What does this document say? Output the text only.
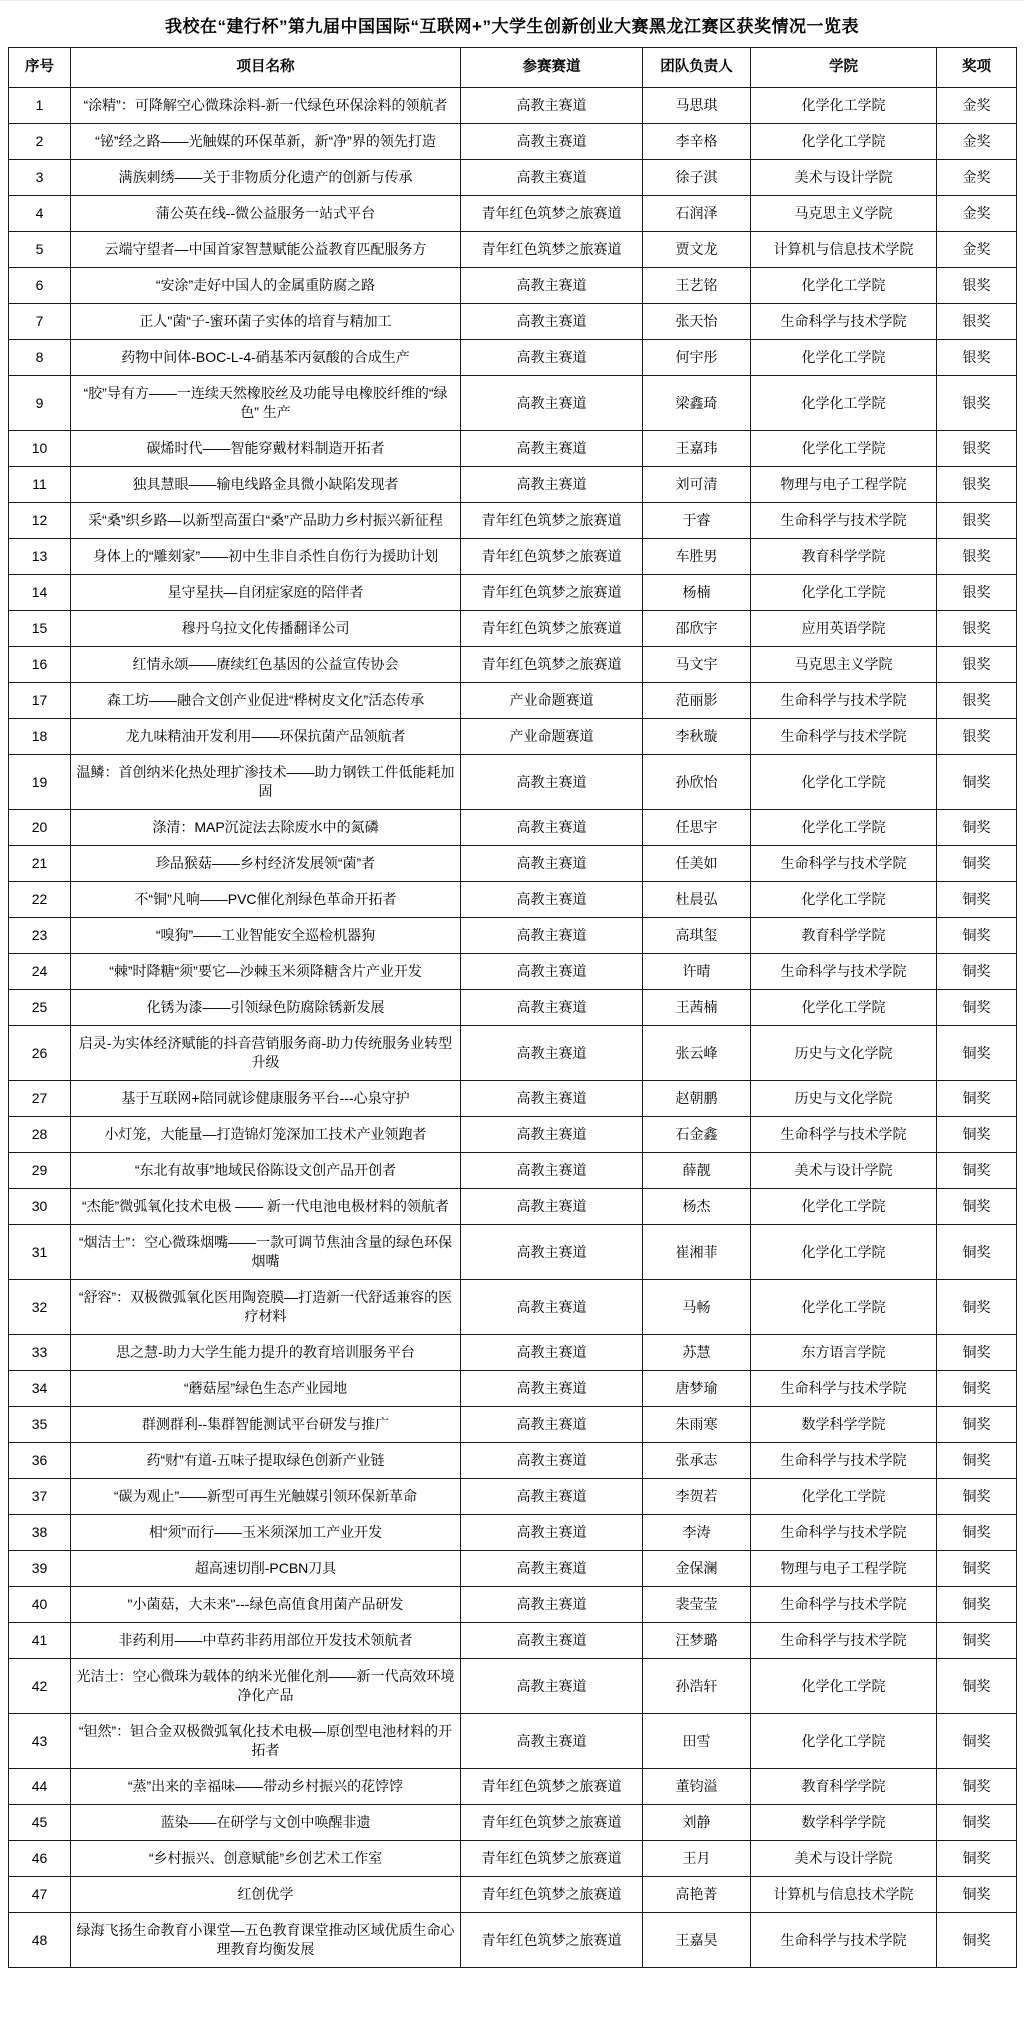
我校在“建行杯”第九届中国国际“互联网+”大学生创新创业大赛黑龙江赛区获奖情况一览表
序号	项目名称	参赛赛道	团队负责人	学院	奖项
1	“涂精”：可降解空心微珠涂料-新一代绿色环保涂料的领航者	高教主赛道	马思琪	化学化工学院	金奖
2	“铋”经之路——光触媒的环保革新，新“净”界的领先打造	高教主赛道	李辛格	化学化工学院	金奖
3	满族刺绣——关于非物质分化遗产的创新与传承	高教主赛道	徐子淇	美术与设计学院	金奖
4	蒲公英在线--微公益服务一站式平台	青年红色筑梦之旅赛道	石润泽	马克思主义学院	金奖
5	云端守望者—中国首家智慧赋能公益教育匹配服务方	青年红色筑梦之旅赛道	贾文龙	计算机与信息技术学院	金奖
6	“安涂”走好中国人的金属重防腐之路	高教主赛道	王艺铭	化学化工学院	银奖
7	正人"菌“子-蜜环菌子实体的培育与精加工	高教主赛道	张天怡	生命科学与技术学院	银奖
8	药物中间体-BOC-L-4-硝基苯丙氨酸的合成生产	高教主赛道	何宇彤	化学化工学院	银奖
9	“胶”导有方——一连续天然橡胶丝及功能导电橡胶纤维的“绿色” 生产	高教主赛道	梁鑫琦	化学化工学院	银奖
10	碳烯时代——智能穿戴材料制造开拓者	高教主赛道	王嘉玮	化学化工学院	银奖
11	独具慧眼——输电线路金具微小缺陷发现者	高教主赛道	刘可清	物理与电子工程学院	银奖
12	采“桑”织乡路—以新型高蛋白“桑”产品助力乡村振兴新征程	青年红色筑梦之旅赛道	于睿	生命科学与技术学院	银奖
13	身体上的“雕刻家”——初中生非自杀性自伤行为援助计划	青年红色筑梦之旅赛道	车胜男	教育科学学院	银奖
14	星守星扶—自闭症家庭的陪伴者	青年红色筑梦之旅赛道	杨楠	化学化工学院	银奖
15	穆丹乌拉文化传播翻译公司	青年红色筑梦之旅赛道	邵欣宇	应用英语学院	银奖
16	红情永颂——赓续红色基因的公益宣传协会	青年红色筑梦之旅赛道	马文宇	马克思主义学院	银奖
17	森工坊——融合文创产业促进“桦树皮文化”活态传承	产业命题赛道	范丽影	生命科学与技术学院	银奖
18	龙九味精油开发利用——环保抗菌产品领航者	产业命题赛道	李秋璇	生命科学与技术学院	银奖
19	温鳞：首创纳米化热处理扩渗技术——助力钢铁工件低能耗加固	高教主赛道	孙欣怡	化学化工学院	铜奖
20	涤清：MAP沉淀法去除废水中的氮磷	高教主赛道	任思宇	化学化工学院	铜奖
21	珍品猴菇——乡村经济发展领“菌”者	高教主赛道	任美如	生命科学与技术学院	铜奖
22	不“铜”凡响——PVC催化剂绿色革命开拓者	高教主赛道	杜晨弘	化学化工学院	铜奖
23	“嗅狗”——工业智能安全巡检机器狗	高教主赛道	高琪玺	教育科学学院	铜奖
24	“棘”时降糖“须”要它—沙棘玉米须降糖含片产业开发	高教主赛道	许晴	生命科学与技术学院	铜奖
25	化锈为漆——引领绿色防腐除锈新发展	高教主赛道	王茜楠	化学化工学院	铜奖
26	启灵-为实体经济赋能的抖音营销服务商-助力传统服务业转型升级	高教主赛道	张云峰	历史与文化学院	铜奖
27	基于互联网+陪同就诊健康服务平台---心泉守护	高教主赛道	赵朝鹏	历史与文化学院	铜奖
28	小灯笼，大能量—打造锦灯笼深加工技术产业领跑者	高教主赛道	石金鑫	生命科学与技术学院	铜奖
29	“东北有故事”地域民俗陈设文创产品开创者	高教主赛道	薛靓	美术与设计学院	铜奖
30	“杰能”微弧氧化技术电极 —— 新一代电池电极材料的领航者	高教主赛道	杨杰	化学化工学院	铜奖
31	“烟洁士”：空心微珠烟嘴——一款可调节焦油含量的绿色环保烟嘴	高教主赛道	崔湘菲	化学化工学院	铜奖
32	“舒容”：双极微弧氧化医用陶瓷膜—打造新一代舒适兼容的医疗材料	高教主赛道	马畅	化学化工学院	铜奖
33	思之慧-助力大学生能力提升的教育培训服务平台	高教主赛道	苏慧	东方语言学院	铜奖
34	“蘑菇屋”绿色生态产业园地	高教主赛道	唐梦瑜	生命科学与技术学院	铜奖
35	群测群利--集群智能测试平台研发与推广	高教主赛道	朱雨寒	数学科学学院	铜奖
36	药“财”有道-五味子提取绿色创新产业链	高教主赛道	张承志	生命科学与技术学院	铜奖
37	“碳为观止”——新型可再生光触媒引领环保新革命	高教主赛道	李贺若	化学化工学院	铜奖
38	相“须”而行——玉米须深加工产业开发	高教主赛道	李涛	生命科学与技术学院	铜奖
39	超高速切削-PCBN刀具	高教主赛道	金保澜	物理与电子工程学院	铜奖
40	"小菌菇，大未来"---绿色高值食用菌产品研发	高教主赛道	裴莹莹	生命科学与技术学院	铜奖
41	非药利用——中草药非药用部位开发技术领航者	高教主赛道	汪梦璐	生命科学与技术学院	铜奖
42	光洁士：空心微珠为载体的纳米光催化剂——新一代高效环境净化产品	高教主赛道	孙浩轩	化学化工学院	铜奖
43	“钽然”：钽合金双极微弧氧化技术电极—原创型电池材料的开拓者	高教主赛道	田雪	化学化工学院	铜奖
44	“蒸”出来的幸福味——带动乡村振兴的花饽饽	青年红色筑梦之旅赛道	董钧溢	教育科学学院	铜奖
45	蓝染——在研学与文创中唤醒非遗	青年红色筑梦之旅赛道	刘静	数学科学学院	铜奖
46	“乡村振兴、创意赋能”乡创艺术工作室	青年红色筑梦之旅赛道	王月	美术与设计学院	铜奖
47	红创优学	青年红色筑梦之旅赛道	高艳菁	计算机与信息技术学院	铜奖
48	绿海飞扬生命教育小课堂—五色教育课堂推动区域优质生命心理教育均衡发展	青年红色筑梦之旅赛道	王嘉昊	生命科学与技术学院	铜奖
